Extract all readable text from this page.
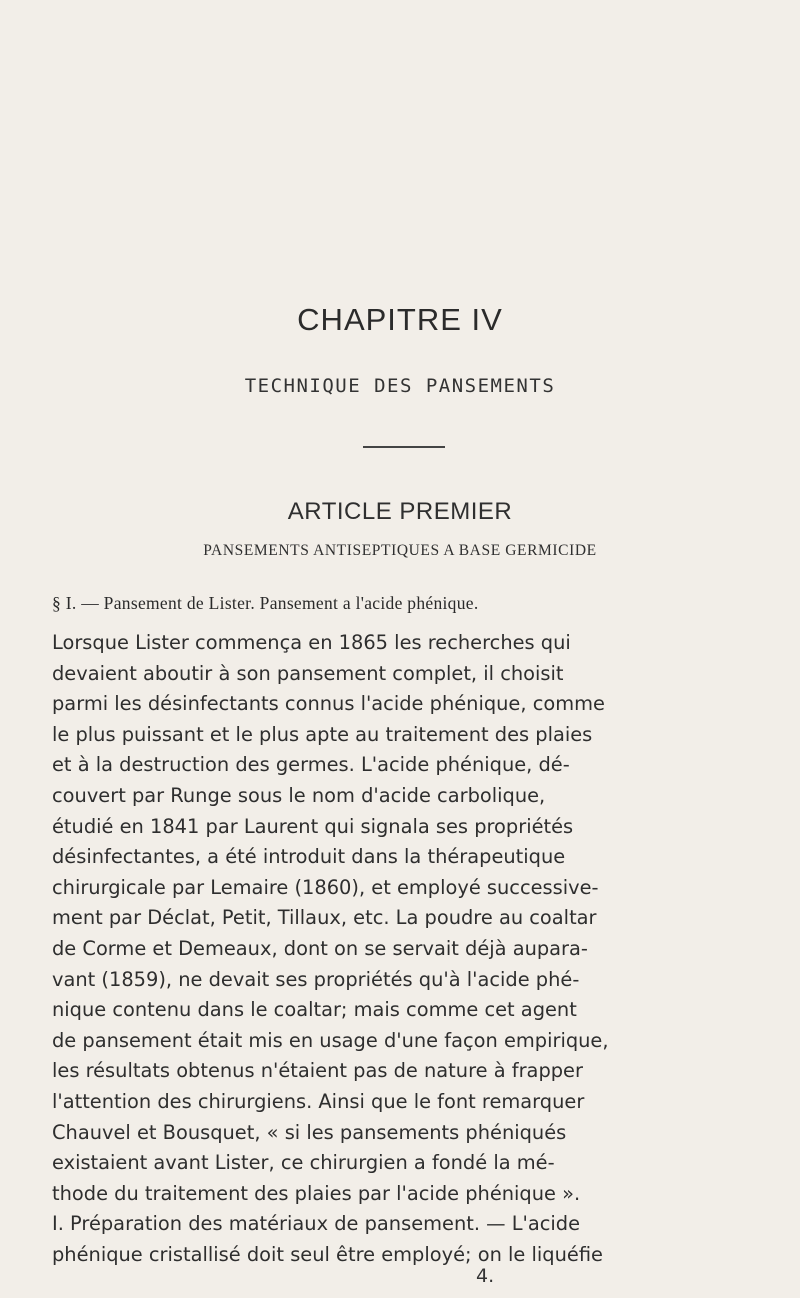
CHAPITRE IV
TECHNIQUE DES PANSEMENTS
ARTICLE PREMIER
PANSEMENTS ANTISEPTIQUES A BASE GERMICIDE
§ I. — Pansement de Lister. Pansement a l'acide phénique.
Lorsque Lister commença en 1865 les recherches qui
devaient aboutir à son pansement complet, il choisit
parmi les désinfectants connus l'acide phénique, comme
le plus puissant et le plus apte au traitement des plaies
et à la destruction des germes. L'acide phénique, dé-
couvert par Runge sous le nom d'acide carbolique,
étudié en 1841 par Laurent qui signala ses propriétés
désinfectantes, a été introduit dans la thérapeutique
chirurgicale par Lemaire (1860), et employé successive-
ment par Déclat, Petit, Tillaux, etc. La poudre au coaltar
de Corme et Demeaux, dont on se servait déjà aupara-
vant (1859), ne devait ses propriétés qu'à l'acide phé-
nique contenu dans le coaltar; mais comme cet agent
de pansement était mis en usage d'une façon empirique,
les résultats obtenus n'étaient pas de nature à frapper
l'attention des chirurgiens. Ainsi que le font remarquer
Chauvel et Bousquet, « si les pansements phéniqués
existaient avant Lister, ce chirurgien a fondé la mé-
thode du traitement des plaies par l'acide phénique ».
I. Préparation des matériaux de pansement. — L'acide
phénique cristallisé doit seul être employé; on le liquéfie
4.
